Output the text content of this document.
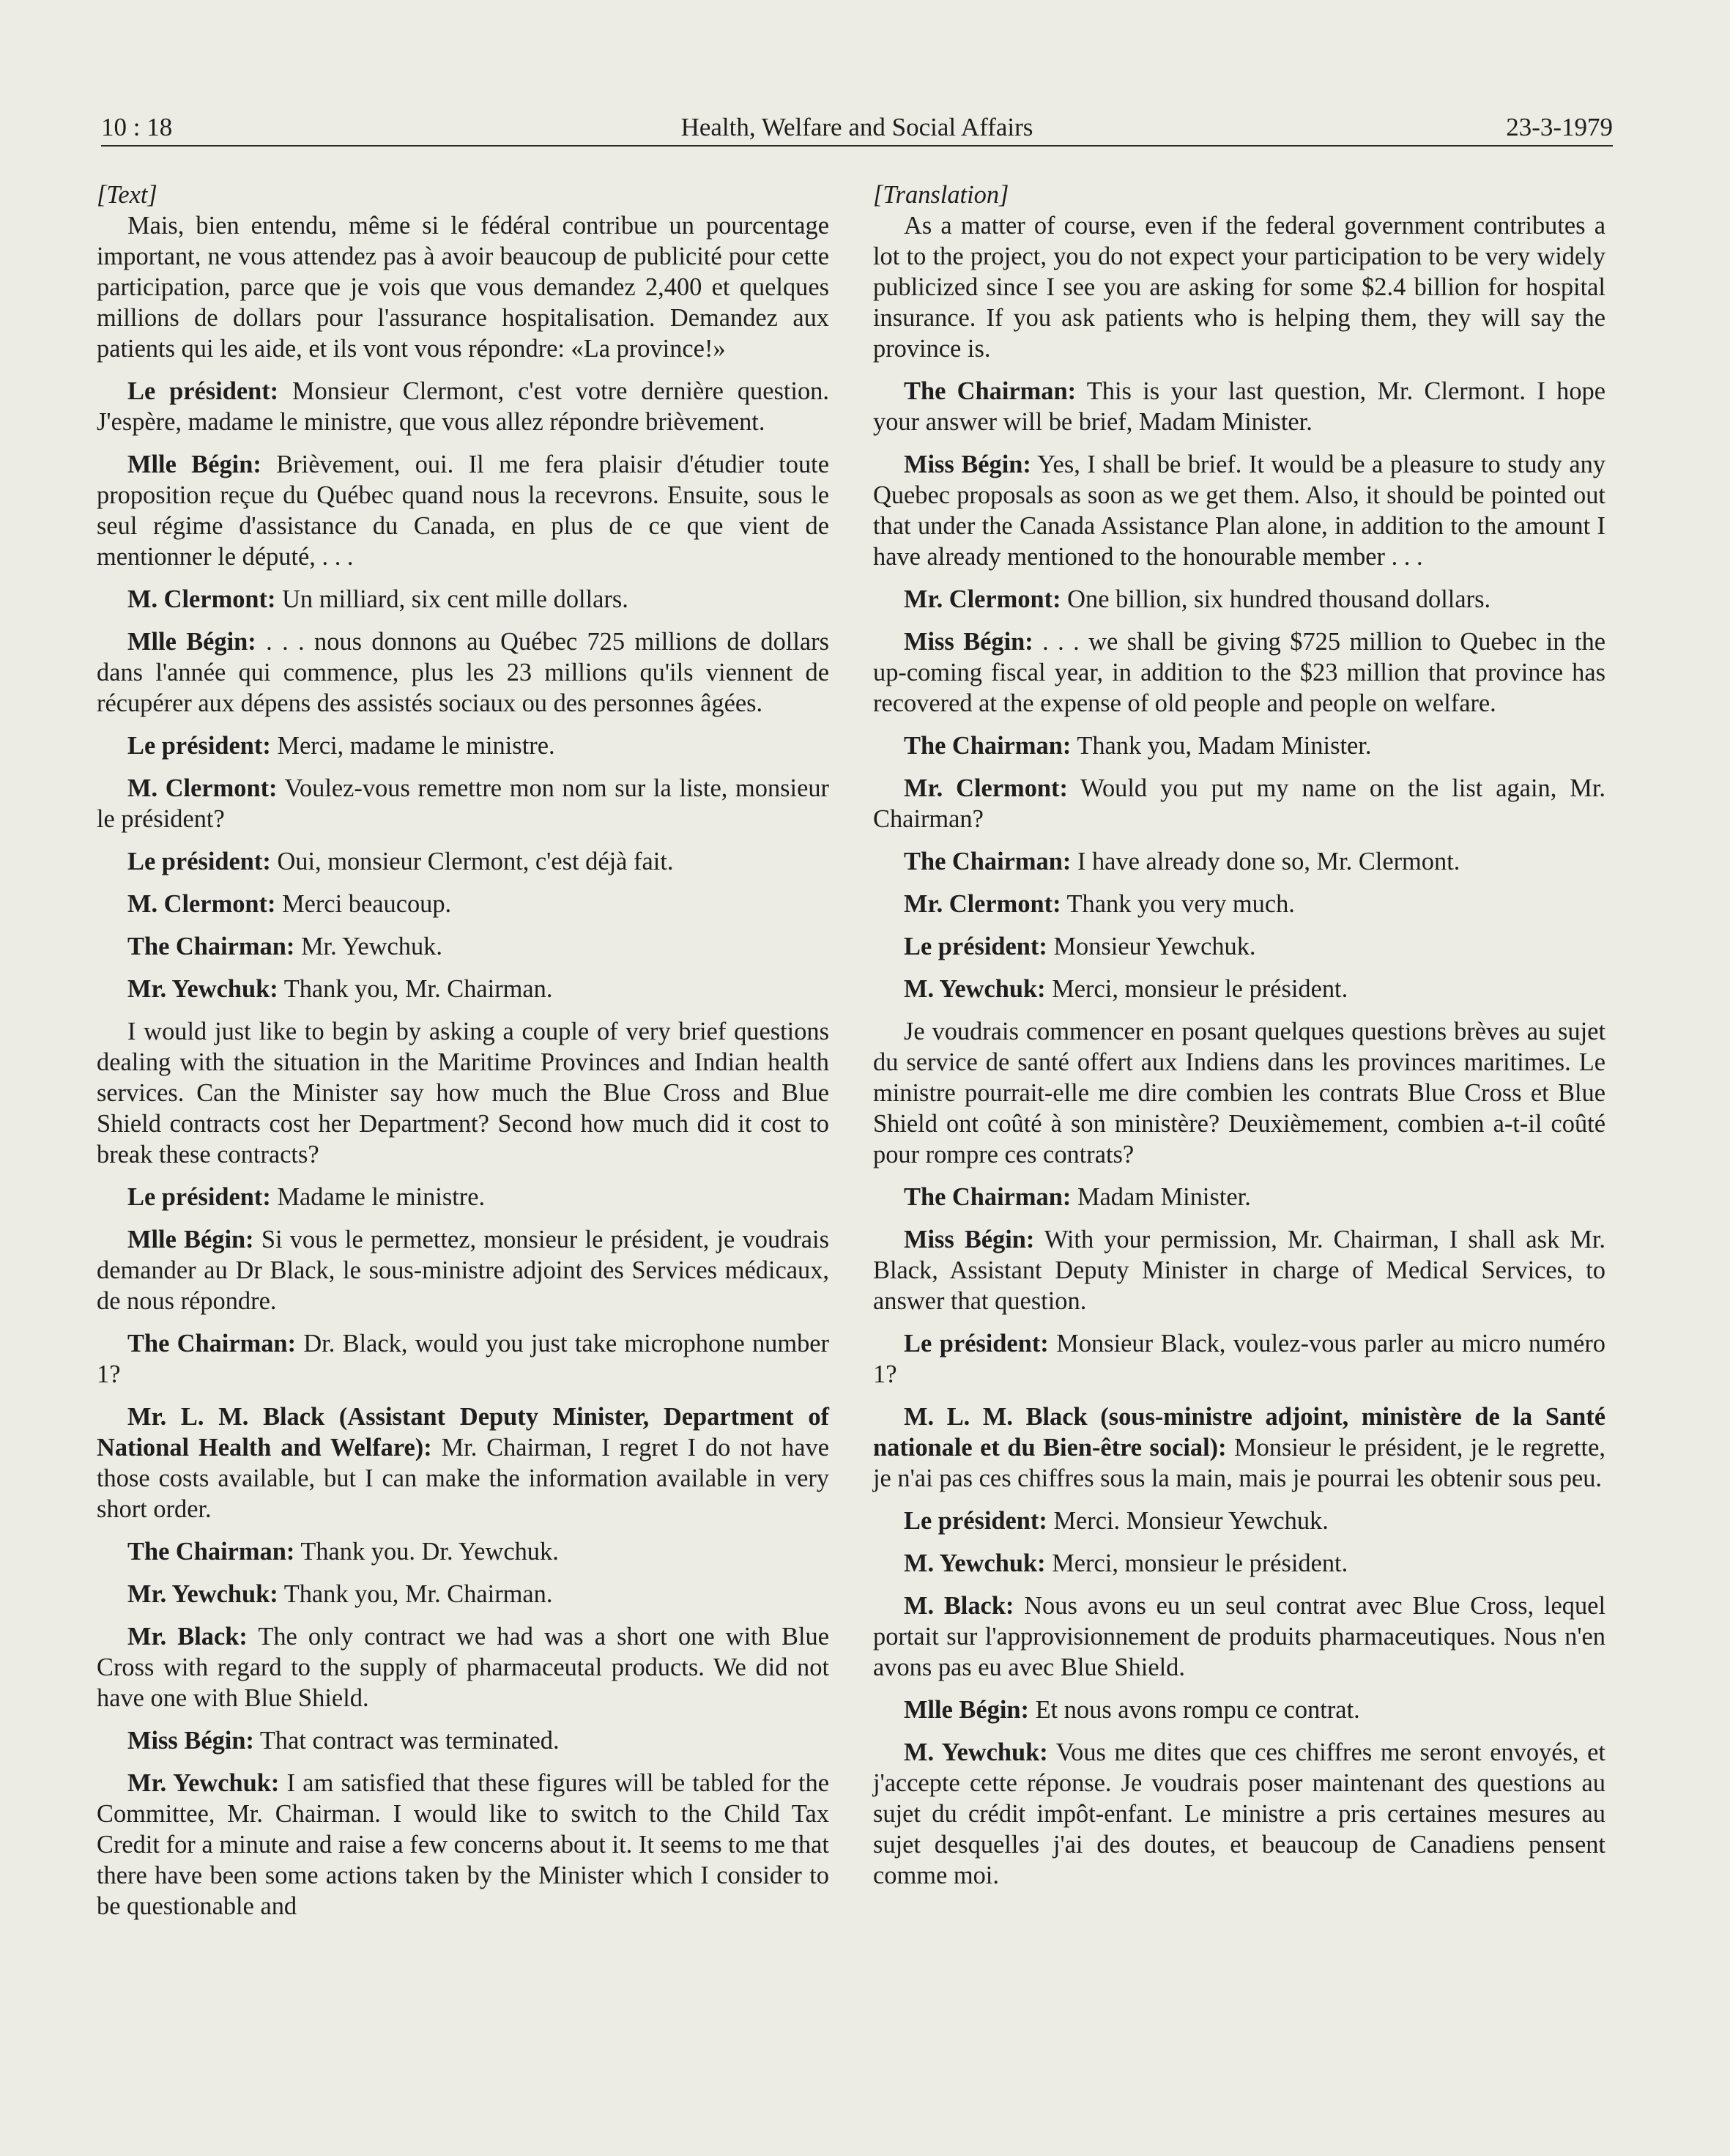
10 : 18	Health, Welfare and Social Affairs	23-3-1979

[Text]

Mais, bien entendu, même si le fédéral contribue un pourcentage important, ne vous attendez pas à avoir beaucoup de publicité pour cette participation, parce que je vois que vous demandez 2,400 et quelques millions de dollars pour l'assurance hospitalisation. Demandez aux patients qui les aide, et ils vont vous répondre: «La province!»

Le président: Monsieur Clermont, c'est votre dernière question. J'espère, madame le ministre, que vous allez répondre brièvement.

Mlle Bégin: Brièvement, oui. Il me fera plaisir d'étudier toute proposition reçue du Québec quand nous la recevrons. Ensuite, sous le seul régime d'assistance du Canada, en plus de ce que vient de mentionner le député, . . .

M. Clermont: Un milliard, six cent mille dollars.

Mlle Bégin: . . . nous donnons au Québec 725 millions de dollars dans l'année qui commence, plus les 23 millions qu'ils viennent de récupérer aux dépens des assistés sociaux ou des personnes âgées.

Le président: Merci, madame le ministre.

M. Clermont: Voulez-vous remettre mon nom sur la liste, monsieur le président?

Le président: Oui, monsieur Clermont, c'est déjà fait.

M. Clermont: Merci beaucoup.

The Chairman: Mr. Yewchuk.

Mr. Yewchuk: Thank you, Mr. Chairman.

I would just like to begin by asking a couple of very brief questions dealing with the situation in the Maritime Provinces and Indian health services. Can the Minister say how much the Blue Cross and Blue Shield contracts cost her Department? Second how much did it cost to break these contracts?

Le président: Madame le ministre.

Mlle Bégin: Si vous le permettez, monsieur le président, je voudrais demander au Dr Black, le sous-ministre adjoint des Services médicaux, de nous répondre.

The Chairman: Dr. Black, would you just take microphone number 1?

Mr. L. M. Black (Assistant Deputy Minister, Department of National Health and Welfare): Mr. Chairman, I regret I do not have those costs available, but I can make the information available in very short order.

The Chairman: Thank you. Dr. Yewchuk.

Mr. Yewchuk: Thank you, Mr. Chairman.

Mr. Black: The only contract we had was a short one with Blue Cross with regard to the supply of pharmaceutal products. We did not have one with Blue Shield.

Miss Bégin: That contract was terminated.

Mr. Yewchuk: I am satisfied that these figures will be tabled for the Committee, Mr. Chairman. I would like to switch to the Child Tax Credit for a minute and raise a few concerns about it. It seems to me that there have been some actions taken by the Minister which I consider to be questionable and

[Translation]

As a matter of course, even if the federal government contributes a lot to the project, you do not expect your participation to be very widely publicized since I see you are asking for some $2.4 billion for hospital insurance. If you ask patients who is helping them, they will say the province is.

The Chairman: This is your last question, Mr. Clermont. I hope your answer will be brief, Madam Minister.

Miss Bégin: Yes, I shall be brief. It would be a pleasure to study any Quebec proposals as soon as we get them. Also, it should be pointed out that under the Canada Assistance Plan alone, in addition to the amount I have already mentioned to the honourable member . . .

Mr. Clermont: One billion, six hundred thousand dollars.

Miss Bégin: . . . we shall be giving $725 million to Quebec in the up-coming fiscal year, in addition to the $23 million that province has recovered at the expense of old people and people on welfare.

The Chairman: Thank you, Madam Minister.

Mr. Clermont: Would you put my name on the list again, Mr. Chairman?

The Chairman: I have already done so, Mr. Clermont.

Mr. Clermont: Thank you very much.

Le président: Monsieur Yewchuk.

M. Yewchuk: Merci, monsieur le président.

Je voudrais commencer en posant quelques questions brèves au sujet du service de santé offert aux Indiens dans les provinces maritimes. Le ministre pourrait-elle me dire combien les contrats Blue Cross et Blue Shield ont coûté à son ministère? Deuxièmement, combien a-t-il coûté pour rompre ces contrats?

The Chairman: Madam Minister.

Miss Bégin: With your permission, Mr. Chairman, I shall ask Mr. Black, Assistant Deputy Minister in charge of Medical Services, to answer that question.

Le président: Monsieur Black, voulez-vous parler au micro numéro 1?

M. L. M. Black (sous-ministre adjoint, ministère de la Santé nationale et du Bien-être social): Monsieur le président, je le regrette, je n'ai pas ces chiffres sous la main, mais je pourrai les obtenir sous peu.

Le président: Merci. Monsieur Yewchuk.

M. Yewchuk: Merci, monsieur le président.

M. Black: Nous avons eu un seul contrat avec Blue Cross, lequel portait sur l'approvisionnement de produits pharmaceutiques. Nous n'en avons pas eu avec Blue Shield.

Mlle Bégin: Et nous avons rompu ce contrat.

M. Yewchuk: Vous me dites que ces chiffres me seront envoyés, et j'accepte cette réponse. Je voudrais poser maintenant des questions au sujet du crédit impôt-enfant. Le ministre a pris certaines mesures au sujet desquelles j'ai des doutes, et beaucoup de Canadiens pensent comme moi.
